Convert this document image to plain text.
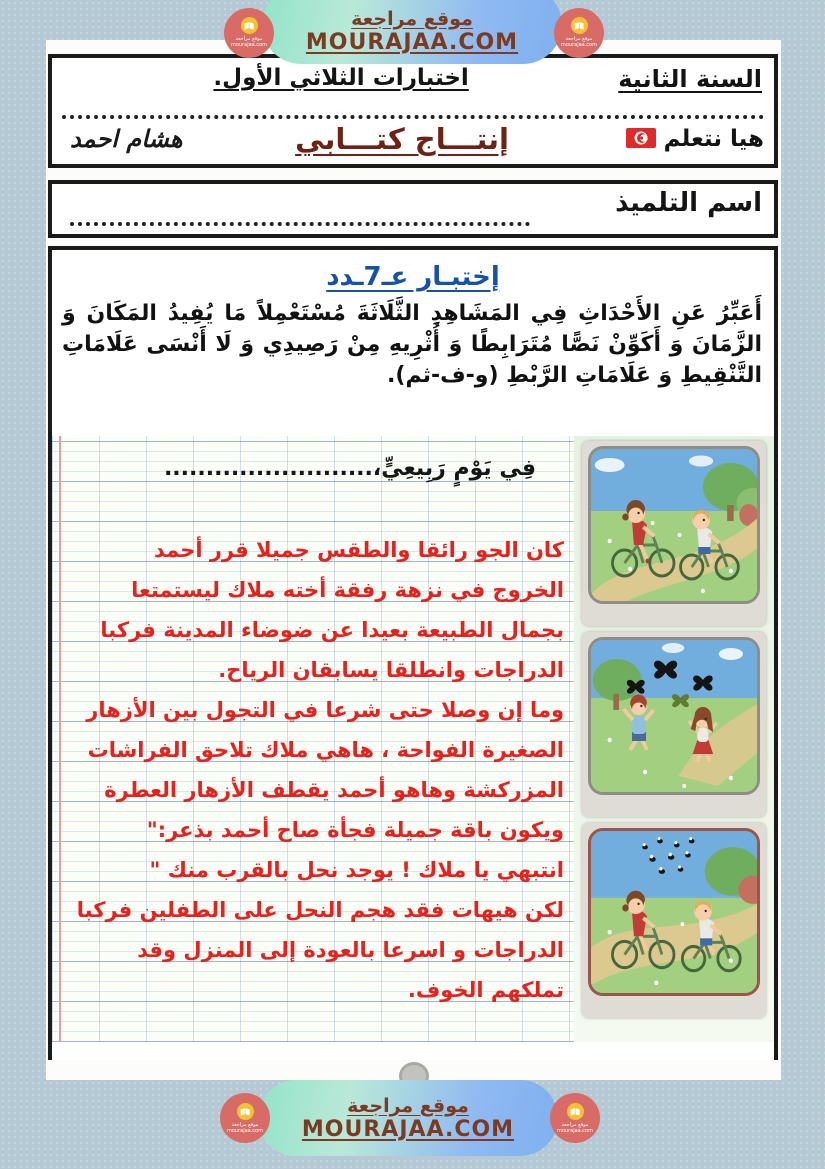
موقع مراجعة
mourajaa.com
موقع مراجعة
MOURAJAA.COM	موقع مراجعة
mourajaa.com
السنة الثانية
اختبارات الثلاثي الأول.
هيا نتعلم
إنتـــاج كتـــابي
هشام احمد
اسم التلميذ
إختبـار عـ7ـدد
أَعَبِّرُ عَنِ الأَحْدَاثِ فِي المَشَاهِدِ الثَّلَاثَةَ مُسْتَعْمِلاً مَا يُفِيدُ المَكَانَ وَ الزَّمَانَ وَ أَكَوِّنْ نَصًّا مُتَرَابِطًا وَ أُثْرِيهِ مِنْ رَصِيدِي وَ لَا أَنْسَى عَلَامَاتِ التَّنْقِيطِ وَ عَلَامَاتِ الرَّبْطِ (و-ف-ثم).
فِي يَوْمٍ رَبِيعِيٍّ،.........................
كان الجو رائقا والطقس جميلا قرر أحمد
الخروج في نزهة رفقة أخته ملاك ليستمتعا
بجمال الطبيعة بعيدا عن ضوضاء المدينة فركبا
الدراجات وانطلقا يسابقان الرياح.
وما إن وصلا حتى شرعا في التجول بين الأزهار
الصغيرة الفواحة ، هاهي ملاك تلاحق الفراشات
المزركشة وهاهو أحمد يقطف الأزهار العطرة
ويكون باقة جميلة فجأة صاح أحمد بذعر:"
انتبهي يا ملاك ! يوجد نحل بالقرب منك "
لكن هيهات فقد هجم النحل على الطفلين فركبا
الدراجات و اسرعا بالعودة إلى المنزل وقد
تملكهم الخوف.
موقع مراجعة
mourajaa.com
موقع مراجعة
MOURAJAA.COM	موقع مراجعة
mourajaa.com
